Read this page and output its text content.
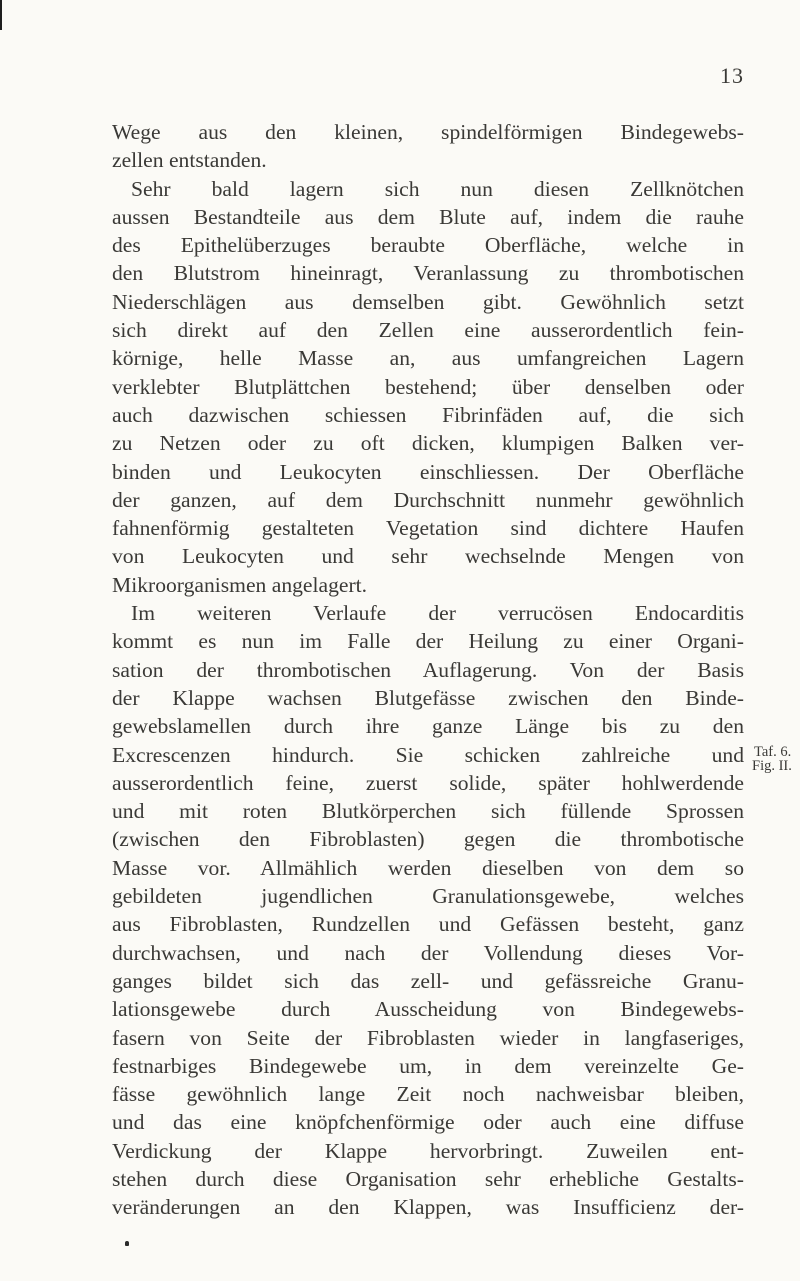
13
Wege aus den kleinen, spindelförmigen Bindegewebs-
zellen entstanden.
Sehr bald lagern sich nun diesen Zellknötchen
aussen Bestandteile aus dem Blute auf, indem die rauhe
des Epithelüberzuges beraubte Oberfläche, welche in
den Blutstrom hineinragt, Veranlassung zu thrombotischen
Niederschlägen aus demselben gibt. Gewöhnlich setzt
sich direkt auf den Zellen eine ausserordentlich fein-
körnige, helle Masse an, aus umfangreichen Lagern
verklebter Blutplättchen bestehend; über denselben oder
auch dazwischen schiessen Fibrinfäden auf, die sich
zu Netzen oder zu oft dicken, klumpigen Balken ver-
binden und Leukocyten einschliessen. Der Oberfläche
der ganzen, auf dem Durchschnitt nunmehr gewöhnlich
fahnenförmig gestalteten Vegetation sind dichtere Haufen
von Leukocyten und sehr wechselnde Mengen von
Mikroorganismen angelagert.
Im weiteren Verlaufe der verrucösen Endocarditis
kommt es nun im Falle der Heilung zu einer Organi-
sation der thrombotischen Auflagerung. Von der Basis
der Klappe wachsen Blutgefässe zwischen den Binde-
gewebslamellen durch ihre ganze Länge bis zu den
Excrescenzen hindurch. Sie schicken zahlreiche und
ausserordentlich feine, zuerst solide, später hohlwerdende
und mit roten Blutkörperchen sich füllende Sprossen
(zwischen den Fibroblasten) gegen die thrombotische
Masse vor. Allmählich werden dieselben von dem so
gebildeten jugendlichen Granulationsgewebe, welches
aus Fibroblasten, Rundzellen und Gefässen besteht, ganz
durchwachsen, und nach der Vollendung dieses Vor-
ganges bildet sich das zell- und gefässreiche Granu-
lationsgewebe durch Ausscheidung von Bindegewebs-
fasern von Seite der Fibroblasten wieder in langfaseriges,
festnarbiges Bindegewebe um, in dem vereinzelte Ge-
fässe gewöhnlich lange Zeit noch nachweisbar bleiben,
und das eine knöpfchenförmige oder auch eine diffuse
Verdickung der Klappe hervorbringt. Zuweilen ent-
stehen durch diese Organisation sehr erhebliche Gestalts-
veränderungen an den Klappen, was Insufficienz der-
Taf. 6.
Fig. II.
